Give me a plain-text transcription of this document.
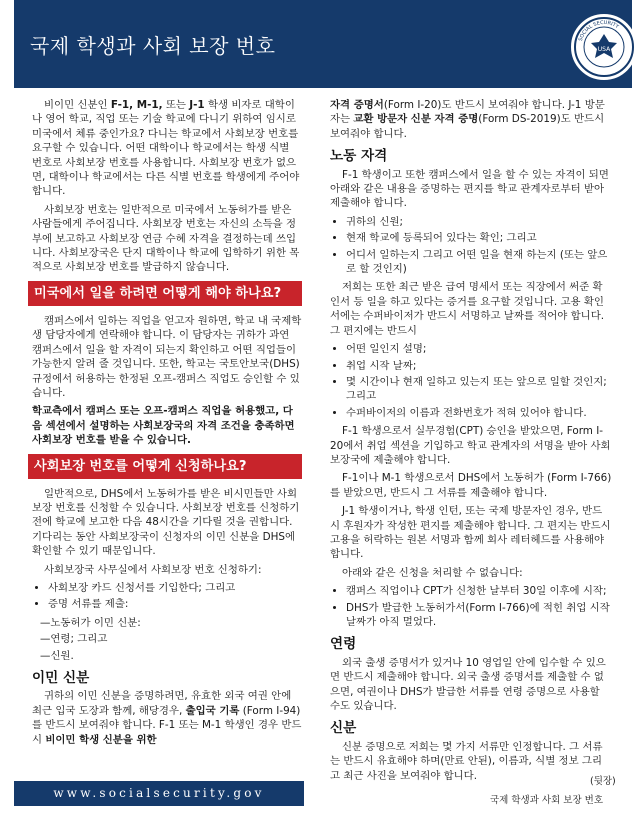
국제 학생과 사회 보장 번호	USA
SOCIAL SECURITY

비이민 신분인 F-1, M-1, 또는 J-1 학생 비자로 대학이나 영어 학교, 직업 또는 기술 학교에 다니기 위하여 임시로 미국에서 체류 중인가요? 다니는 학교에서 사회보장 번호를 요구할 수 있습니다. 어떤 대학이나 학교에서는 학생 식별 번호로 사회보장 번호를 사용합니다. 사회보장 번호가 없으면, 대학이나 학교에서는 다른 식별 번호를 학생에게 주어야 합니다.

사회보장 번호는 일반적으로 미국에서 노동허가를 받은 사람들에게 주어집니다. 사회보장 번호는 자신의 소득을 정부에 보고하고 사회보장 연금 수혜 자격을 결정하는데 쓰입니다. 사회보장국은 단지 대학이나 학교에 입학하기 위한 목적으로 사회보장 번호를 발급하지 않습니다.

미국에서 일을 하려면 어떻게 해야 하나요?

캠퍼스에서 일하는 직업을 얻고자 원하면, 학교 내 국제학생 담당자에게 연락해야 합니다. 이 담당자는 귀하가 과연 캠퍼스에서 일을 할 자격이 되는지 확인하고 어떤 직업들이 가능한지 알려 줄 것입니다. 또한, 학교는 국토안보국(DHS) 규정에서 허용하는 한정된 오프-캠퍼스 직업도 승인할 수 있습니다.

학교측에서 캠퍼스 또는 오프-캠퍼스 직업을 허용했고, 다음 섹션에서 설명하는 사회보장국의 자격 조건을 충족하면 사회보장 번호를 받을 수 있습니다.

사회보장 번호를 어떻게 신청하나요?

일반적으로, DHS에서 노동허가를 받은 비시민들만 사회보장 번호를 신청할 수 있습니다. 사회보장 번호를 신청하기 전에 학교에 보고한 다음 48시간을 기다릴 것을 권합니다. 기다리는 동안 사회보장국이 신청자의 이민 신분을 DHS에 확인할 수 있기 때문입니다.

사회보장국 사무실에서 사회보장 번호 신청하기:

• 사회보장 카드 신청서를 기입한다; 그리고
• 증명 서류를 제출:
—노동허가 이민 신분:
—연령; 그리고
—신원.
이민 신분

귀하의 이민 신분을 증명하려면, 유효한 외국 여권 안에 최근 입국 도장과 함께, 해당경우, 출입국 기록 (Form I-94)를 반드시 보여줘야 합니다. F-1 또는 M-1 학생인 경우 반드시 비이민 학생 신분을 위한

자격 증명서(Form I-20)도 반드시 보여줘야 합니다. J-1 방문자는 교환 방문자 신분 자격 증명(Form DS-2019)도 반드시 보여줘야 합니다.

노동 자격

F-1 학생이고 또한 캠퍼스에서 일을 할 수 있는 자격이 되면 아래와 같은 내용을 증명하는 편지를 학교 관계자로부터 받아 제출해야 합니다.

• 귀하의 신원;
• 현재 학교에 등록되어 있다는 확인; 그리고
• 어디서 일하는지 그리고 어떤 일을 현재 하는지 (또는 앞으로 할 것인지)

저희는 또한 최근 받은 급여 명세서 또는 직장에서 써준 확인서 등 일을 하고 있다는 증거를 요구할 것입니다. 고용 확인서에는 수퍼바이저가 반드시 서명하고 날짜를 적어야 합니다. 그 편지에는 반드시

• 어떤 일인지 설명;
• 취업 시작 날짜;
• 몇 시간이나 현재 일하고 있는지 또는 앞으로 일할 것인지; 그리고
• 수퍼바이저의 이름과 전화번호가 적혀 있어야 합니다.

F-1 학생으로서 실무경험(CPT) 승인을 받았으면, Form I-20에서 취업 섹션을 기입하고 학교 관계자의 서명을 받아 사회보장국에 제출해야 합니다.

F-1이나 M-1 학생으로서 DHS에서 노동허가 (Form I-766)를 받았으면, 반드시 그 서류를 제출해야 합니다.

J-1 학생이거나, 학생 인턴, 또는 국제 방문자인 경우, 반드시 후원자가 작성한 편지를 제출해야 합니다. 그 편지는 반드시 고용을 허락하는 원본 서명과 함께 회사 레터헤드를 사용해야 합니다.

아래와 같은 신청을 처리할 수 없습니다:

• 캠퍼스 직업이나 CPT가 신청한 날부터 30일 이후에 시작;
• DHS가 발급한 노동허가서(Form I-766)에 적힌 취업 시작 날짜가 아직 멀었다.
연령

외국 출생 증명서가 있거나 10 영업일 안에 입수할 수 있으면 반드시 제출해야 합니다. 외국 출생 증명서를 제출할 수 없으면, 여권이나 DHS가 발급한 서류를 연령 증명으로 사용할 수도 있습니다.

신분

신분 증명으로 저희는 몇 가지 서류만 인정합니다. 그 서류는 반드시 유효해야 하며(만료 안된), 이름과, 식별 정보 그리고 최근 사진을 보여줘야 합니다.	(뒷장)
www.socialsecurity.gov
국제 학생과 사회 보장 번호
